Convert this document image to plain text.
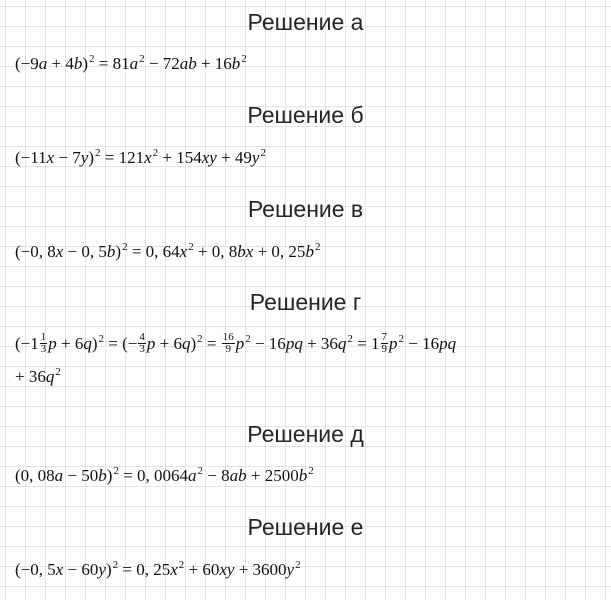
Решение а
$(-9a + 4b)^2 = 81a^2 - 72ab + 16b^2$
Решение б
$(-11x - 7y)^2 = 121x^2 + 154xy + 49y^2$
Решение в
(−0, 8x − 0, 5b)$^2$ = 0, $64x^2 + 0$, 8bx + 0, $25b^2$
Решение г
($-1 \frac{1}{3}$ $p + 6q)^2$ = (− $\frac{4}{3}$ $p + 6q)^2 = \frac{16}{9} p^2 - 16pq + 36q^2 = 1 \frac{7}{9} p^2 - 16pq$
+ $36q^2$
Решение д
(0, 08a − 50b)$^2$ = 0, $0064a^2 - 8ab + 2500b^2$
Решение е
(−0, 5x − 60y)$^2$ = 0, $25x^2 + 60xy + 3600y^2$
